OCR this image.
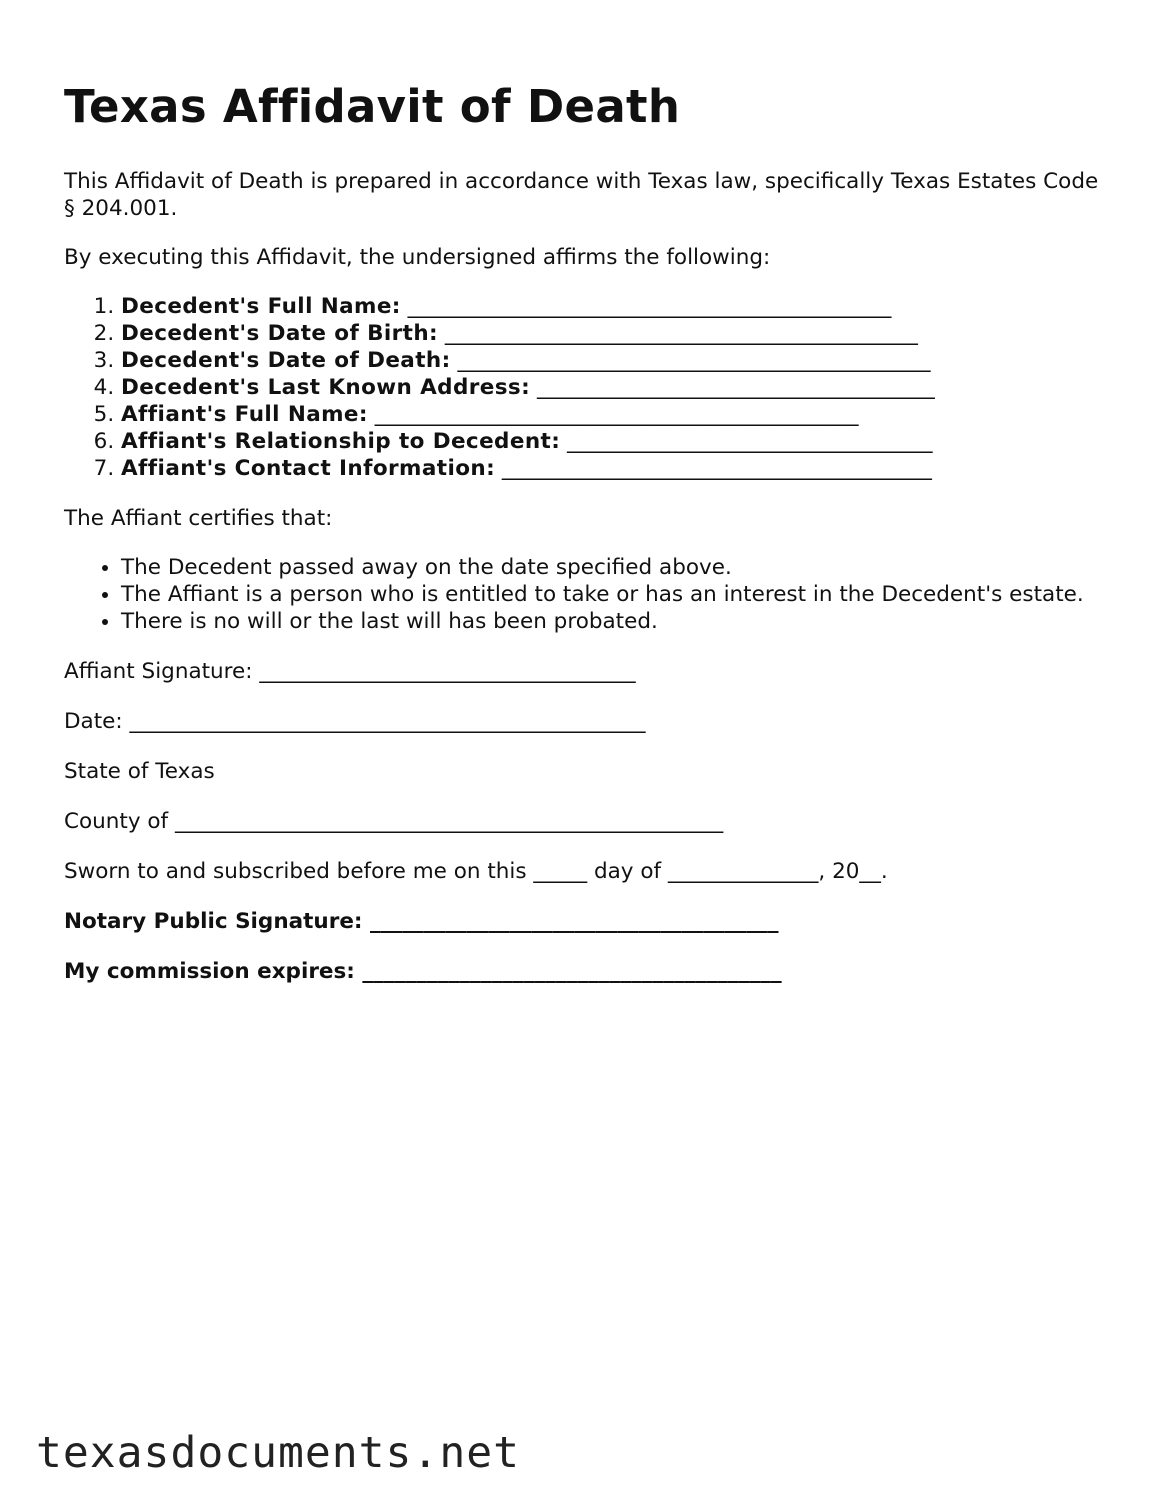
Texas Affidavit of Death

This Affidavit of Death is prepared in accordance with Texas law, specifically Texas Estates Code § 204.001.

By executing this Affidavit, the undersigned affirms the following:

1. Decedent's Full Name: _____________________________________________
2. Decedent's Date of Birth: ____________________________________________
3. Decedent's Date of Death: ____________________________________________
4. Decedent's Last Known Address: _____________________________________
5. Affiant's Full Name: _____________________________________________
6. Affiant's Relationship to Decedent: __________________________________
7. Affiant's Contact Information: ________________________________________

The Affiant certifies that:

• The Decedent passed away on the date specified above.
• The Affiant is a person who is entitled to take or has an interest in the Decedent's estate.
• There is no will or the last will has been probated.

Affiant Signature: ___________________________________

Date: ________________________________________________

State of Texas

County of ___________________________________________________

Sworn to and subscribed before me on this _____ day of ______________, 20__.

Notary Public Signature: ______________________________________

My commission expires: _______________________________________

texasdocuments.net
